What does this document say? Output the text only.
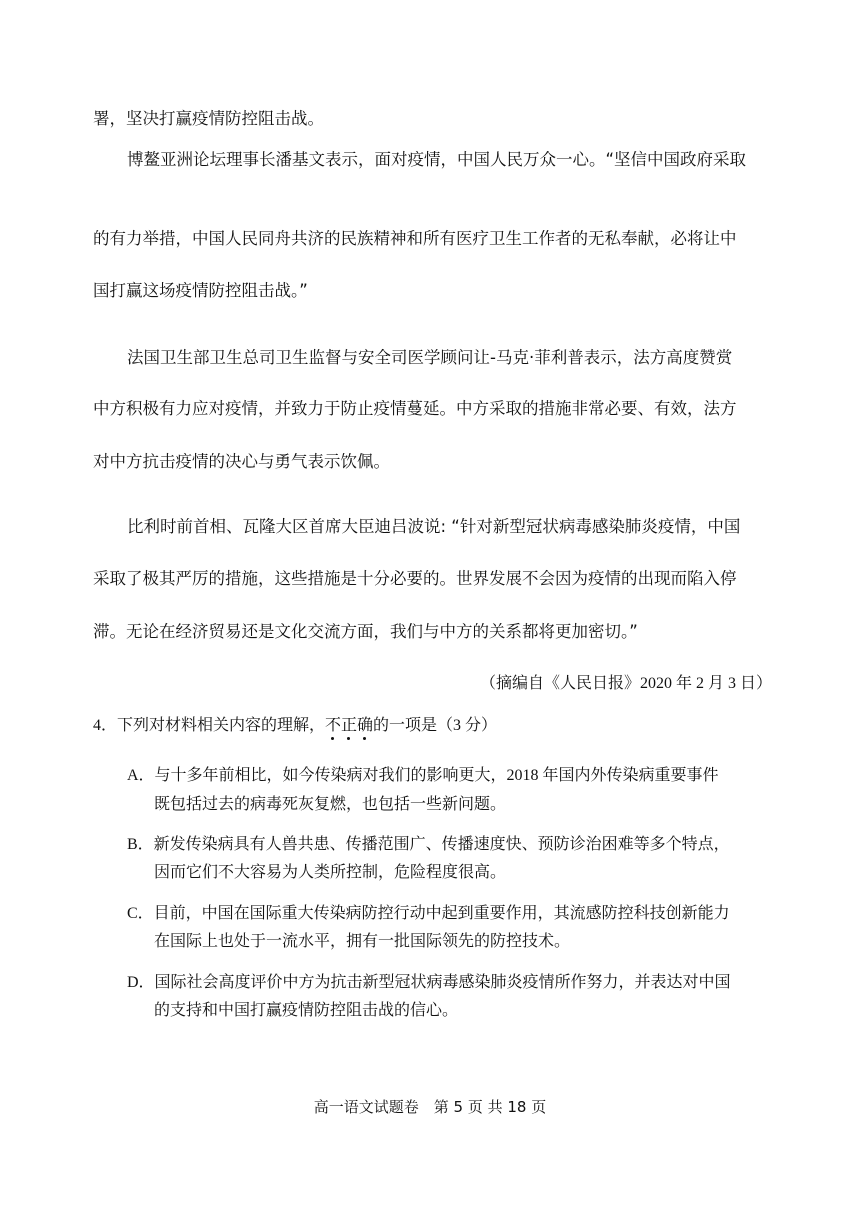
署，坚决打赢疫情防控阻击战。
博鳌亚洲论坛理事长潘基文表示，面对疫情，中国人民万众一心。“坚信中国政府采取
的有力举措，中国人民同舟共济的民族精神和所有医疗卫生工作者的无私奉献，必将让中
国打赢这场疫情防控阻击战。”
法国卫生部卫生总司卫生监督与安全司医学顾问让-马克·菲利普表示，法方高度赞赏
中方积极有力应对疫情，并致力于防止疫情蔓延。中方采取的措施非常必要、有效，法方
对中方抗击疫情的决心与勇气表示饮佩。
比利时前首相、瓦隆大区首席大臣迪吕波说: “针对新型冠状病毒感染肺炎疫情，中国
采取了极其严厉的措施，这些措施是十分必要的。世界发展不会因为疫情的出现而陷入停
滞。无论在经济贸易还是文化交流方面，我们与中方的关系都将更加密切。”
（摘编自《人民日报》2020 年 2 月 3 日）
4．下列对材料相关内容的理解，不正确
的一项是（3 分）
A．与十多年前相比，如今传染病对我们的影响更大，2018 年国内外传染病重要事件
既包括过去的病毒死灰复燃，也包括一些新问题。
B．新发传染病具有人兽共患、传播范围广、传播速度快、预防诊治困难等多个特点，
因而它们不大容易为人类所控制，危险程度很高。
C．目前，中国在国际重大传染病防控行动中起到重要作用，其流感防控科技创新能力
在国际上也处于一流水平，拥有一批国际领先的防控技术。
D．国际社会高度评价中方为抗击新型冠状病毒感染肺炎疫情所作努力，并表达对中国
的支持和中国打赢疫情防控阻击战的信心。
高一语文试题卷　第 5 页 共 18 页
